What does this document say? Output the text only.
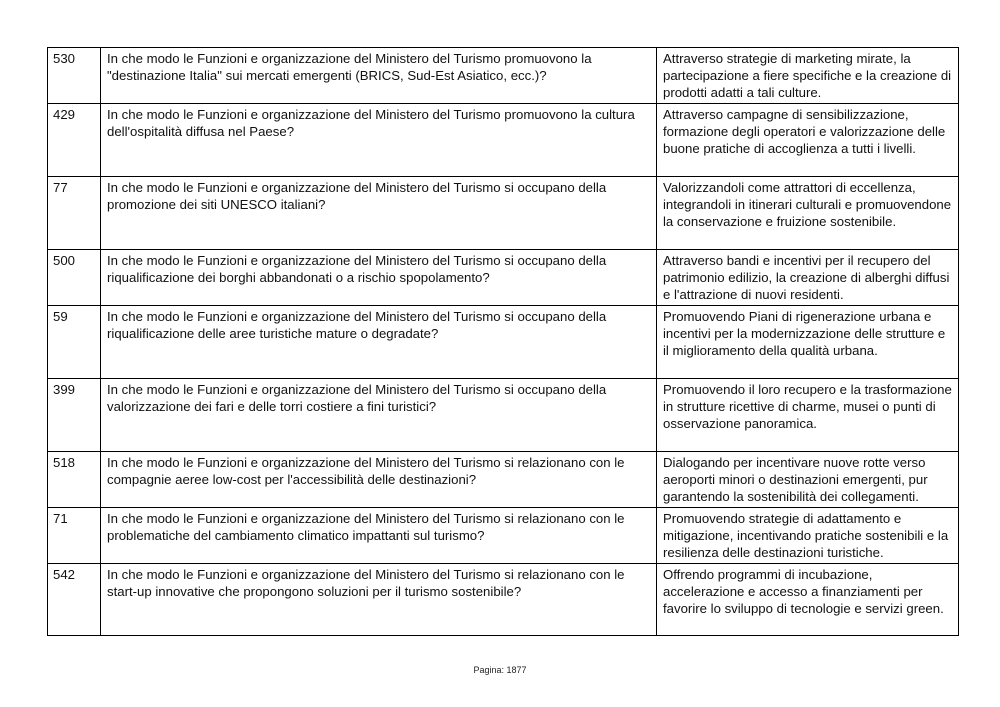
530	In che modo le Funzioni e organizzazione del Ministero del Turismo promuovono la "destinazione Italia" sui mercati emergenti (BRICS, Sud-Est Asiatico, ecc.)?	Attraverso strategie di marketing mirate, la partecipazione a fiere specifiche e la creazione di prodotti adatti a tali culture.
429	In che modo le Funzioni e organizzazione del Ministero del Turismo promuovono la cultura dell'ospitalità diffusa nel Paese?	Attraverso campagne di sensibilizzazione, formazione degli operatori e valorizzazione delle buone pratiche di accoglienza a tutti i livelli.
77	In che modo le Funzioni e organizzazione del Ministero del Turismo si occupano della promozione dei siti UNESCO italiani?	Valorizzandoli come attrattori di eccellenza, integrandoli in itinerari culturali e promuovendone la conservazione e fruizione sostenibile.
500	In che modo le Funzioni e organizzazione del Ministero del Turismo si occupano della riqualificazione dei borghi abbandonati o a rischio spopolamento?	Attraverso bandi e incentivi per il recupero del patrimonio edilizio, la creazione di alberghi diffusi e l'attrazione di nuovi residenti.
59	In che modo le Funzioni e organizzazione del Ministero del Turismo si occupano della riqualificazione delle aree turistiche mature o degradate?	Promuovendo Piani di rigenerazione urbana e incentivi per la modernizzazione delle strutture e il miglioramento della qualità urbana.
399	In che modo le Funzioni e organizzazione del Ministero del Turismo si occupano della valorizzazione dei fari e delle torri costiere a fini turistici?	Promuovendo il loro recupero e la trasformazione in strutture ricettive di charme, musei o punti di osservazione panoramica.
518	In che modo le Funzioni e organizzazione del Ministero del Turismo si relazionano con le compagnie aeree low-cost per l'accessibilità delle destinazioni?	Dialogando per incentivare nuove rotte verso aeroporti minori o destinazioni emergenti, pur garantendo la sostenibilità dei collegamenti.
71	In che modo le Funzioni e organizzazione del Ministero del Turismo si relazionano con le problematiche del cambiamento climatico impattanti sul turismo?	Promuovendo strategie di adattamento e mitigazione, incentivando pratiche sostenibili e la resilienza delle destinazioni turistiche.
542	In che modo le Funzioni e organizzazione del Ministero del Turismo si relazionano con le start-up innovative che propongono soluzioni per il turismo sostenibile?	Offrendo programmi di incubazione, accelerazione e accesso a finanziamenti per favorire lo sviluppo di tecnologie e servizi green.
Pagina: 1877
